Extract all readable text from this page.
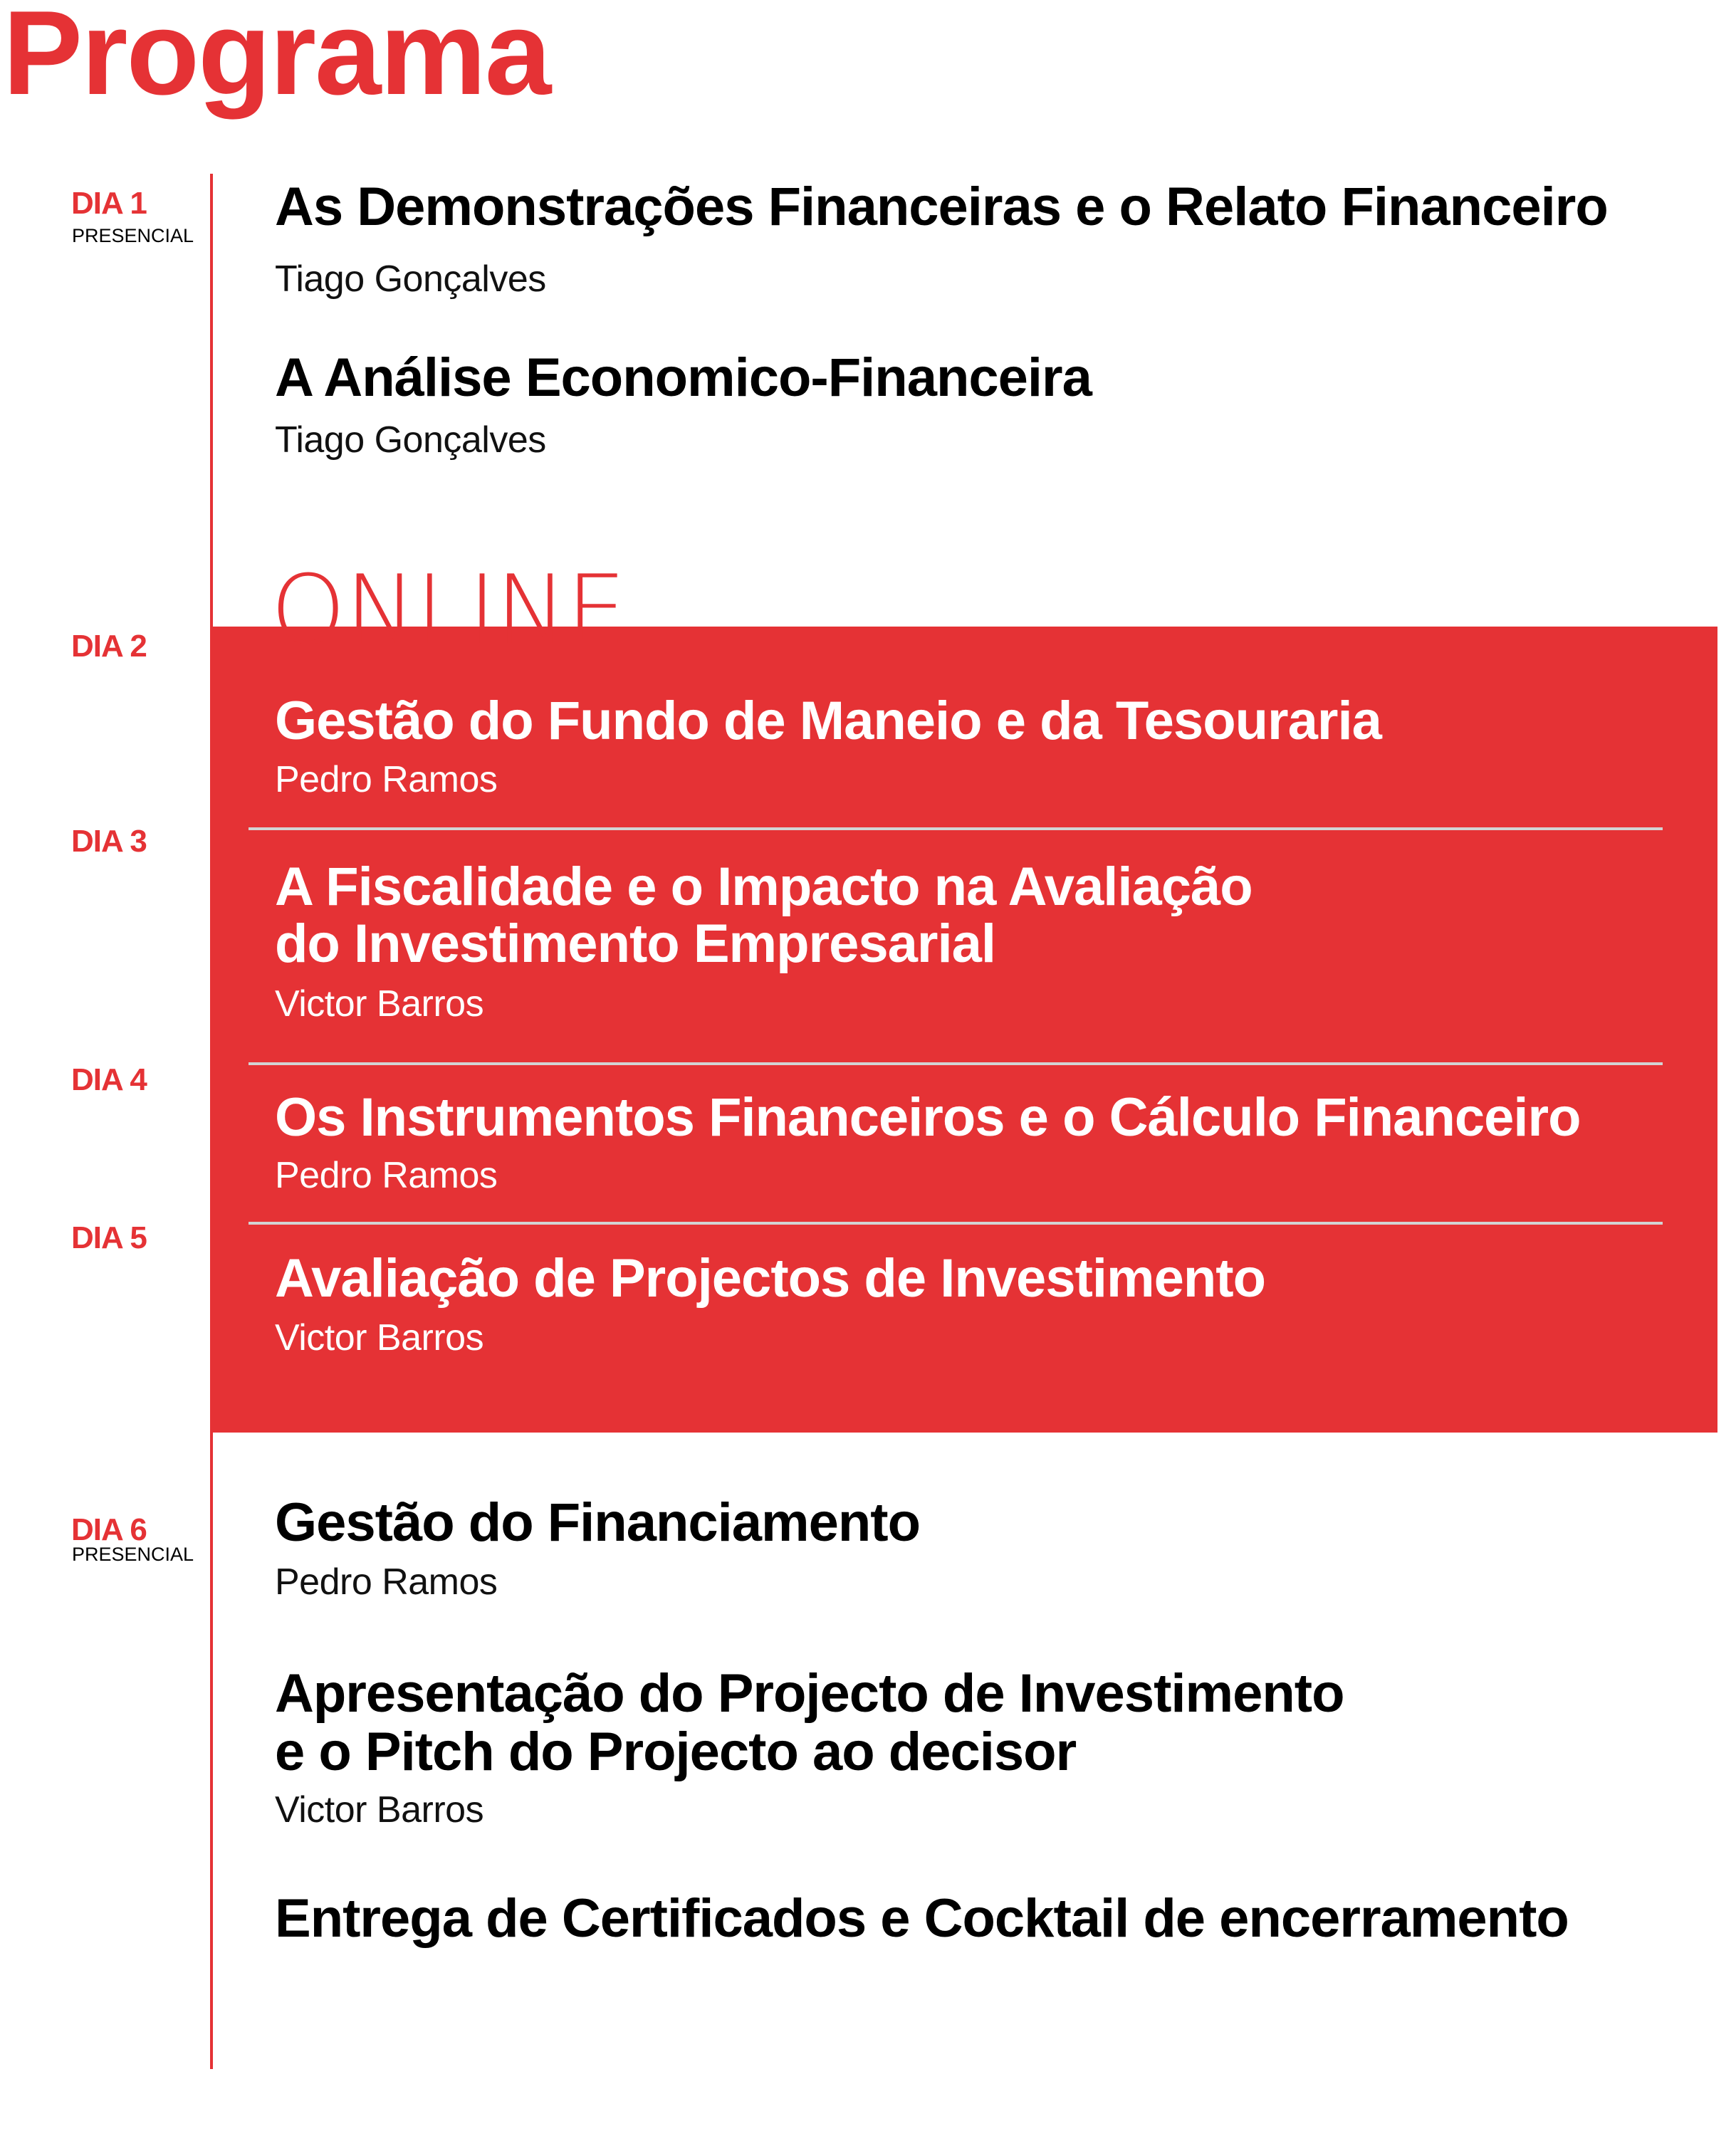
Programa
ONLINE
DIA 1
PRESENCIAL
DIA 2
DIA 3
DIA 4
DIA 5
DIA 6
PRESENCIAL
As Demonstrações Financeiras e o Relato Financeiro
Tiago Gonçalves
A Análise Economico-Financeira
Tiago Gonçalves
Gestão do Fundo de Maneio e da Tesouraria
Pedro Ramos
A Fiscalidade e o Impacto na Avaliação
do Investimento Empresarial
Victor Barros
Os Instrumentos Financeiros e o Cálculo Financeiro
Pedro Ramos
Avaliação de Projectos de Investimento
Victor Barros
Gestão do Financiamento
Pedro Ramos
Apresentação do Projecto de Investimento
e o Pitch do Projecto ao decisor
Victor Barros
Entrega de Certificados e Cocktail de encerramento
